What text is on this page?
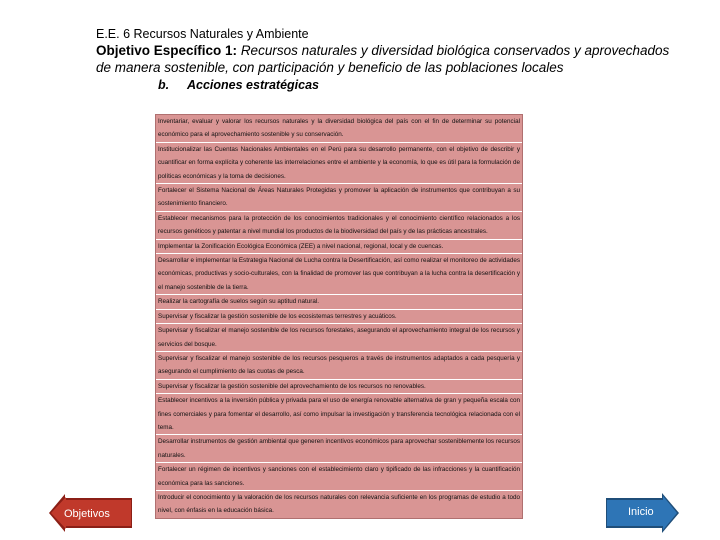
E.E. 6 Recursos Naturales y Ambiente
Objetivo Específico 1: Recursos naturales y diversidad biológica conservados y aprovechados de manera sostenible, con participación y beneficio de las poblaciones locales
b. Acciones estratégicas
Inventariar, evaluar y valorar los recursos naturales y la diversidad biológica del país con el fin de determinar su potencial económico para el aprovechamiento sostenible y su conservación.
Institucionalizar las Cuentas Nacionales Ambientales en el Perú para su desarrollo permanente, con el objetivo de describir y cuantificar en forma explícita y coherente las interrelaciones entre el ambiente y la economía, lo que es útil para la formulación de políticas económicas y la toma de decisiones.
Fortalecer el Sistema Nacional de Áreas Naturales Protegidas y promover la aplicación de instrumentos que contribuyan a su sostenimiento financiero.
Establecer mecanismos para la protección de los conocimientos tradicionales y el conocimiento científico relacionados a los recursos genéticos y patentar a nivel mundial los productos de la biodiversidad del país y de las prácticas ancestrales.
Implementar la Zonificación Ecológica Económica (ZEE) a nivel nacional, regional, local y de cuencas.
Desarrollar e implementar la Estrategia Nacional de Lucha contra la Desertificación, así como realizar el monitoreo de actividades económicas, productivas y socio-culturales, con la finalidad de promover las que contribuyan a la lucha contra la desertificación y el manejo sostenible de la tierra.
Realizar la cartografía de suelos según su aptitud natural.
Supervisar y fiscalizar la gestión sostenible de los ecosistemas terrestres y acuáticos.
Supervisar y fiscalizar el manejo sostenible de los recursos forestales, asegurando el aprovechamiento integral de los recursos y servicios del bosque.
Supervisar y fiscalizar el manejo sostenible de los recursos pesqueros a través de instrumentos adaptados a cada pesquería y asegurando el cumplimiento de las cuotas de pesca.
Supervisar y fiscalizar la gestión sostenible del aprovechamiento de los recursos no renovables.
Establecer incentivos a la inversión pública y privada para el uso de energía renovable alternativa de gran y pequeña escala con fines comerciales y para fomentar el desarrollo, así como impulsar la investigación y transferencia tecnológica relacionada con el tema.
Desarrollar instrumentos de gestión ambiental que generen incentivos económicos para aprovechar sosteniblemente los recursos naturales.
Fortalecer un régimen de incentivos y sanciones con el establecimiento claro y tipificado de las infracciones y la cuantificación económica para las sanciones.
Introducir el conocimiento y la valoración de los recursos naturales con relevancia suficiente en los programas de estudio a todo nivel, con énfasis en la educación básica.
Objetivos	Inicio
